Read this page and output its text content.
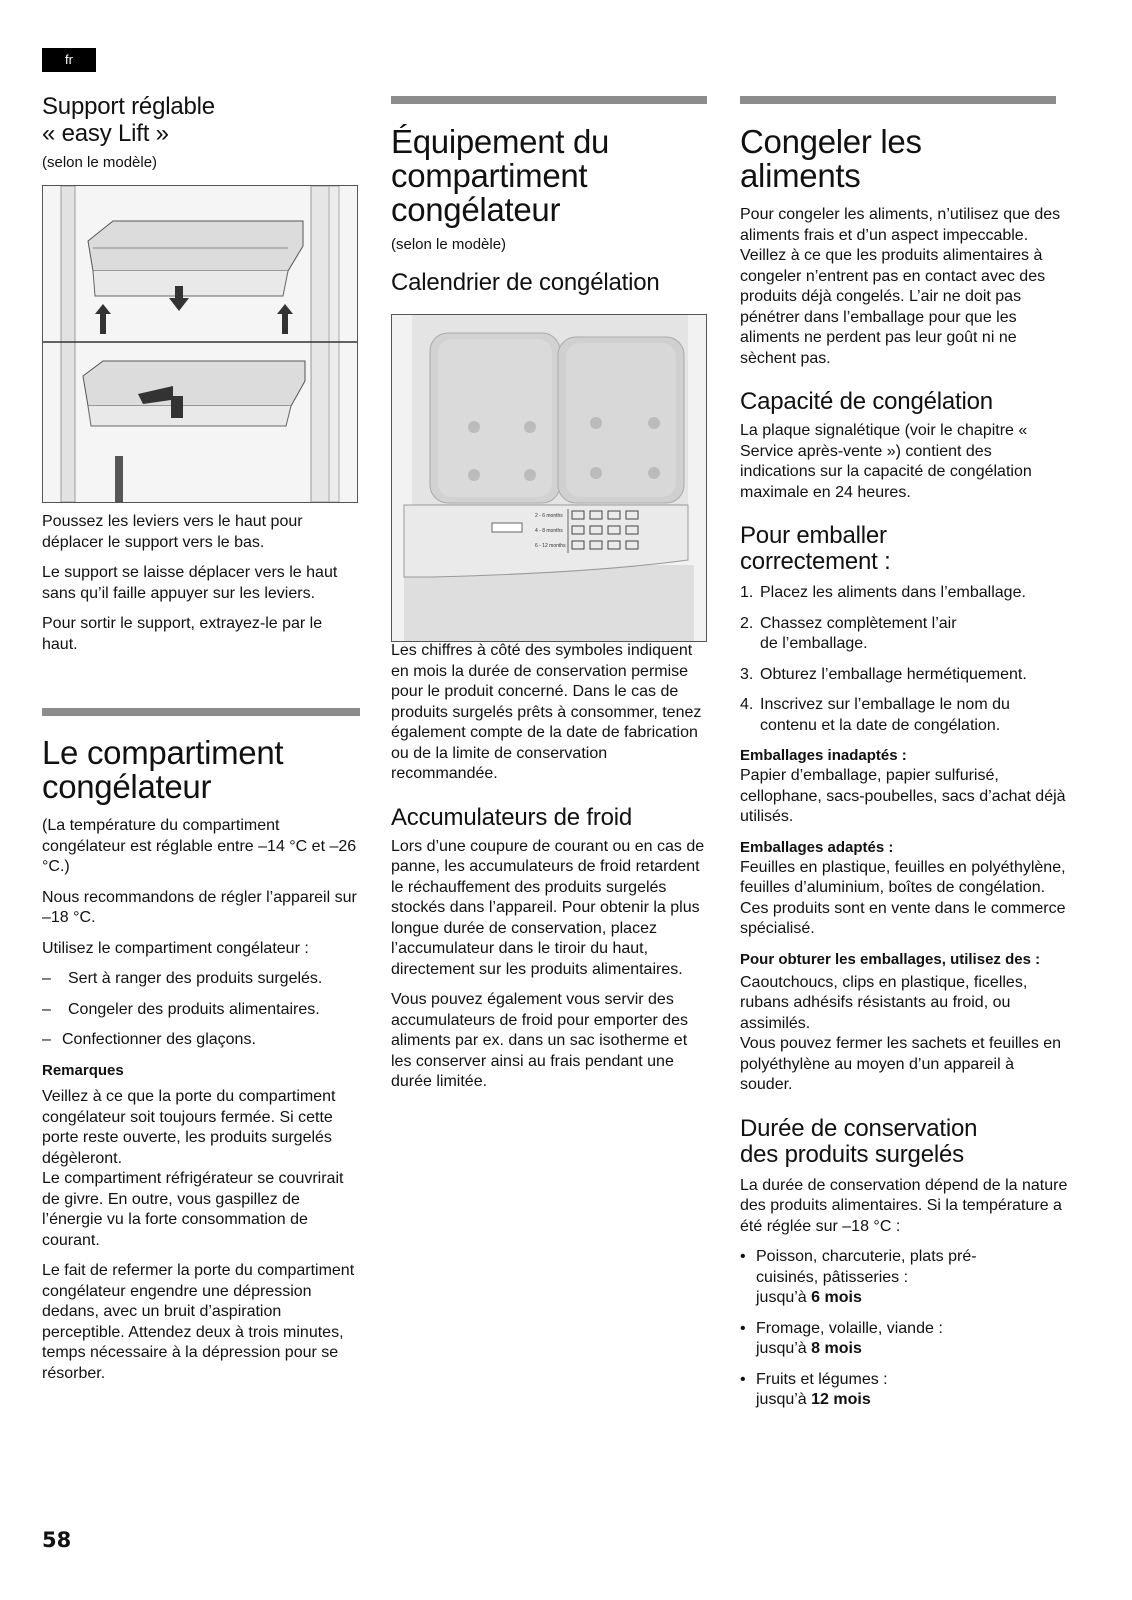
fr
Support réglable
« easy Lift »
(selon le modèle)

Poussez les leviers vers le haut pour déplacer le support vers le bas.

Le support se laisse déplacer vers le haut sans qu’il faille appuyer sur les leviers.

Pour sortir le support, extrayez-le par le haut.

Le compartiment
congélateur

(La température du compartiment congélateur est réglable entre –14 °C et –26 °C.)

Nous recommandons de régler l’appareil sur –18 °C.

Utilisez le compartiment congélateur :

– Sert à ranger des produits surgelés.
– Congeler des produits alimentaires.
– Confectionner des glaçons.
Remarques

Veillez à ce que la porte du compartiment congélateur soit toujours fermée. Si cette porte reste ouverte, les produits surgelés dégèleront.

Le compartiment réfrigérateur se couvrirait de givre. En outre, vous gaspillez de l’énergie vu la forte consommation de courant.

Le fait de refermer la porte du compartiment congélateur engendre une dépression dedans, avec un bruit d’aspiration perceptible. Attendez deux à trois minutes, temps nécessaire à la dépression pour se résorber.

Équipement du
compartiment
congélateur
(selon le modèle)
Calendrier de congélation
2 - 6 months
4 - 8 months
6 - 12 months

Les chiffres à côté des symboles indiquent en mois la durée de conservation permise pour le produit concerné. Dans le cas de produits surgelés prêts à consommer, tenez également compte de la date de fabrication ou de la limite de conservation recommandée.

Accumulateurs de froid

Lors d’une coupure de courant ou en cas de panne, les accumulateurs de froid retardent le réchauffement des produits surgelés stockés dans l’appareil. Pour obtenir la plus longue durée de conservation, placez l’accumulateur dans le tiroir du haut, directement sur les produits alimentaires.

Vous pouvez également vous servir des accumulateurs de froid pour emporter des aliments par ex. dans un sac isotherme et les conserver ainsi au frais pendant une durée limitée.

Congeler les
aliments

Pour congeler les aliments, n’utilisez que des aliments frais et d’un aspect impeccable. Veillez à ce que les produits alimentaires à congeler n’entrent pas en contact avec des produits déjà congelés. L’air ne doit pas pénétrer dans l’emballage pour que les aliments ne perdent pas leur goût ni ne sèchent pas.

Capacité de congélation

La plaque signalétique (voir le chapitre « Service après-vente ») contient des indications sur la capacité de congélation maximale en 24 heures.

Pour emballer
correctement :
1. Placez les aliments dans l’emballage.
2. Chassez complètement l’air de l’emballage.
3. Obturez l’emballage hermétiquement.
4. Inscrivez sur l’emballage le nom du contenu et la date de congélation.
Emballages inadaptés :

Papier d’emballage, papier sulfurisé, cellophane, sacs-poubelles, sacs d’achat déjà utilisés.

Emballages adaptés :

Feuilles en plastique, feuilles en polyéthylène, feuilles d’aluminium, boîtes de congélation.

Ces produits sont en vente dans le commerce spécialisé.

Pour obturer les emballages, utilisez des :

Caoutchoucs, clips en plastique, ficelles, rubans adhésifs résistants au froid, ou assimilés.

Vous pouvez fermer les sachets et feuilles en polyéthylène au moyen d’un appareil à souder.

Durée de conservation
des produits surgelés

La durée de conservation dépend de la nature des produits alimentaires. Si la température a été réglée sur –18 °C :

• Poisson, charcuterie, plats pré-cuisinés, pâtisseries :
jusqu’à 6 mois
• Fromage, volaille, viande :
jusqu’à 8 mois
• Fruits et légumes :
jusqu’à 12 mois
58
